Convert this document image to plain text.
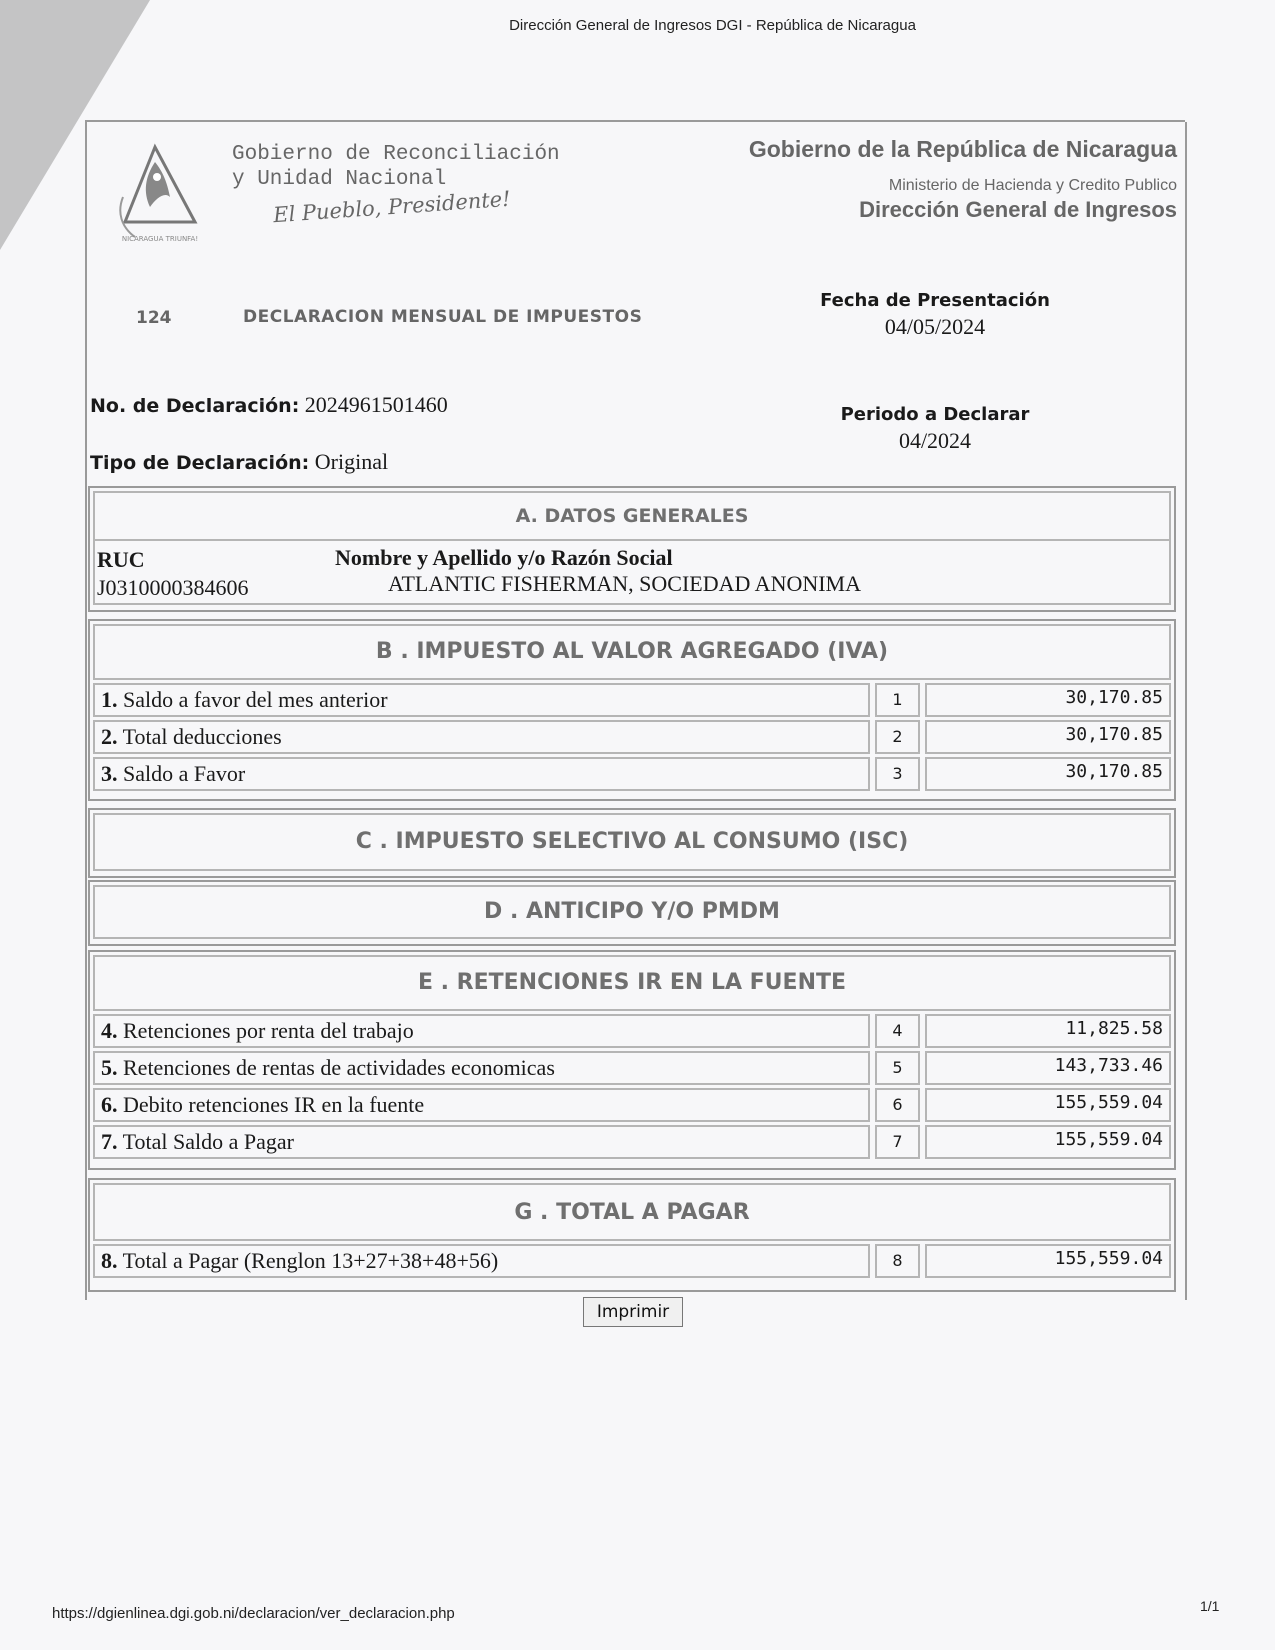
Dirección General de Ingresos DGI - República de Nicaragua
NICARAGUA TRIUNFA!
Gobierno de Reconciliación
y Unidad Nacional
El Pueblo, Presidente!
Gobierno de la República de Nicaragua
Ministerio de Hacienda y Credito Publico
Dirección General de Ingresos
124	DECLARACION MENSUAL DE IMPUESTOS
Fecha de Presentación
04/05/2024
Periodo a Declarar
04/2024
No. de Declaración: 2024961501460
Tipo de Declaración: Original
A. DATOS GENERALES
RUC
J0310000384606
Nombre y Apellido y/o Razón Social
ATLANTIC FISHERMAN, SOCIEDAD ANONIMA
B . IMPUESTO AL VALOR AGREGADO (IVA)
1. Saldo a favor del mes anterior	1	30,170.85
2. Total deducciones	2	30,170.85
3. Saldo a Favor	3	30,170.85
C . IMPUESTO SELECTIVO AL CONSUMO (ISC)
D . ANTICIPO Y/O PMDM
E . RETENCIONES IR EN LA FUENTE
4. Retenciones por renta del trabajo	4	11,825.58
5. Retenciones de rentas de actividades economicas	5	143,733.46
6. Debito retenciones IR en la fuente	6	155,559.04
7. Total Saldo a Pagar	7	155,559.04
G . TOTAL A PAGAR
8. Total a Pagar (Renglon 13+27+38+48+56)	8	155,559.04
Imprimir
https://dgienlinea.dgi.gob.ni/declaracion/ver_declaracion.php	1/1
